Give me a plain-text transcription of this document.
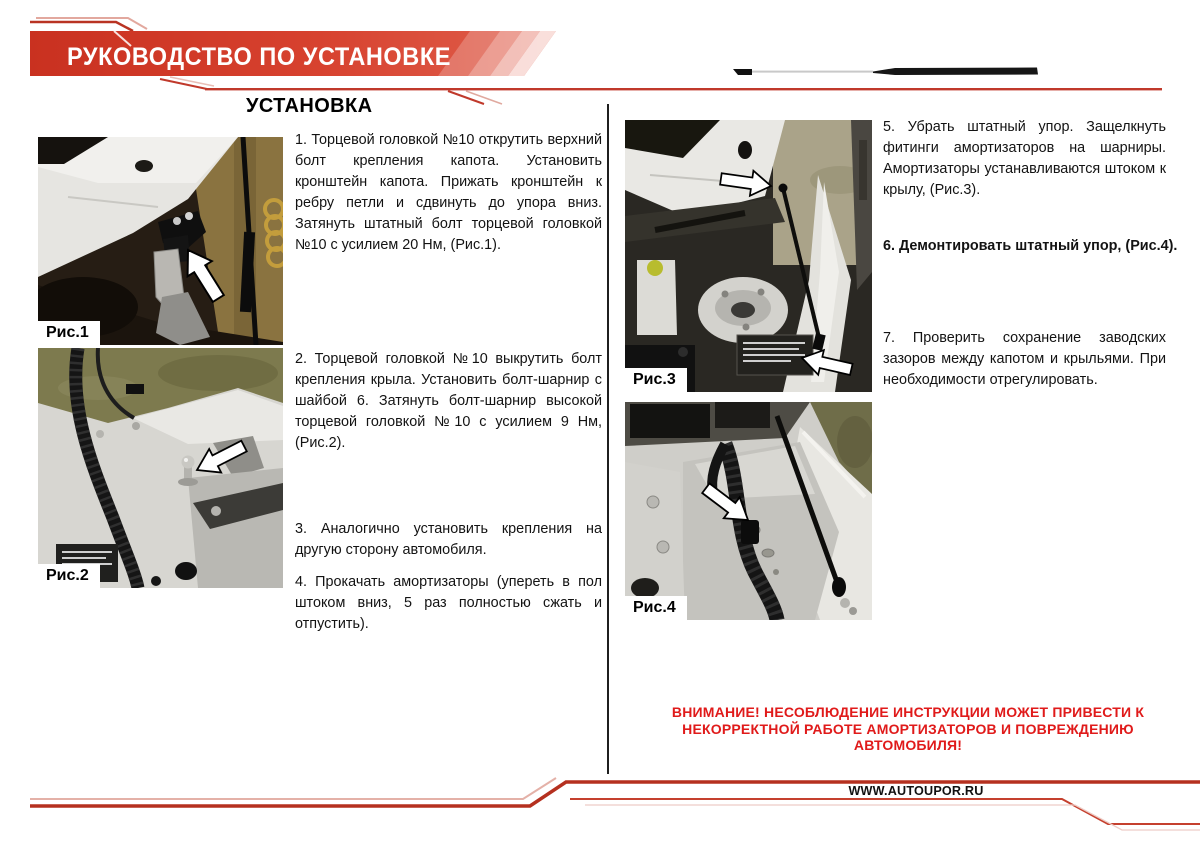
РУКОВОДСТВО ПО УСТАНОВКЕ
УСТАНОВКА
Рис.1
Рис.2
Рис.3
Рис.4
1. Торцевой головкой №10 открутить верхний болт крепления капота. Установить кронштейн капота. Прижать кронштейн к ребру петли и сдвинуть до упора вниз. Затянуть штатный болт торцевой головкой №10 с усилием 20 Нм, (Рис.1).
2. Торцевой головкой №10 выкрутить болт крепления крыла. Установить болт-шарнир с шайбой 6. Затянуть болт-шарнир высокой торцевой головкой №10 с усилием 9 Нм, (Рис.2).
3. Аналогично установить крепления на другую сторону автомобиля.
4. Прокачать амортизаторы (упереть в пол штоком вниз, 5 раз полностью сжать и отпустить).
5. Убрать штатный упор. Защелкнуть фитинги амортизаторов на шарниры. Амортизаторы устанавливаются штоком к крылу, (Рис.3).
6. Демонтировать штатный упор, (Рис.4).
7. Проверить сохранение заводских зазоров между капотом и крыльями. При необходимости отрегулировать.
ВНИМАНИЕ! НЕСОБЛЮДЕНИЕ ИНСТРУКЦИИ МОЖЕТ ПРИВЕСТИ К НЕКОРРЕКТНОЙ РАБОТЕ АМОРТИЗАТОРОВ И ПОВРЕЖДЕНИЮ АВТОМОБИЛЯ!
WWW.AUTOUPOR.RU
